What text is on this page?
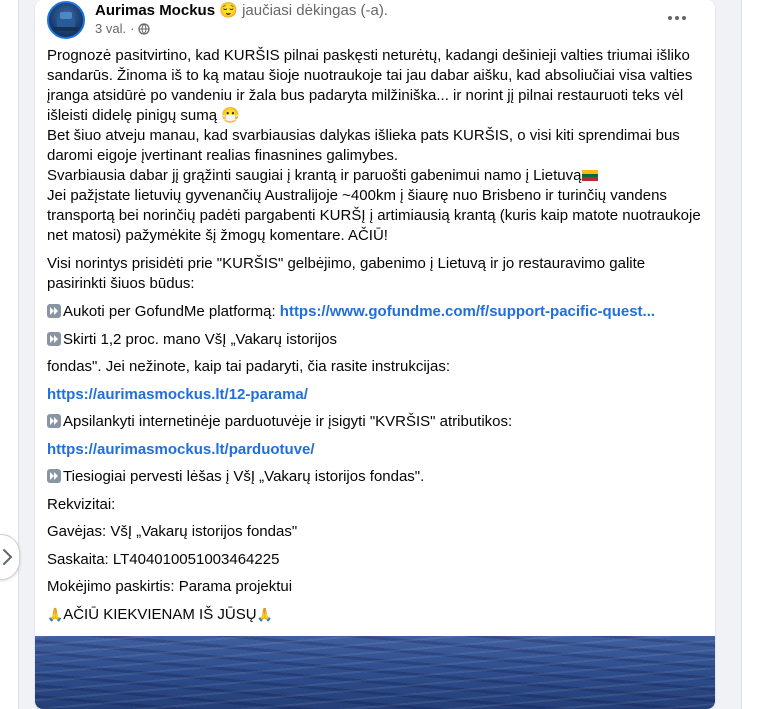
Aurimas Mockus 😌 jaučiasi dėkingas (-a).
3 val. ·

Prognozė pasitvirtino, kad KURŠIS pilnai paskęsti neturėtų, kadangi dešinieji valties triumai išliko sandarūs. Žinoma iš to ką matau šioje nuotraukoje tai jau dabar aišku, kad absoliučiai visa valties įranga atsidūrė po vandeniu ir žala bus padaryta milžiniška... ir norint jį pilnai restauruoti teks vėl išleisti didelę pinigų sumą 😷

Bet šiuo atveju manau, kad svarbiausias dalykas išlieka pats KURŠIS, o visi kiti sprendimai bus daromi eigoje įvertinant realias finasnines galimybes.

Svarbiausia dabar jį grąžinti saugiai į krantą ir paruošti gabenimui namo į Lietuvą

Jei pažįstate lietuvių gyvenančių Australijoje ~400km į šiaurę nuo Brisbeno ir turinčių vandens transportą bei norinčių padėti pargabenti KURŠĮ į artimiausią krantą (kuris kaip matote nuotraukoje net matosi) pažymėkite šį žmogų komentare. AČIŪ!

Visi norintys prisidėti prie "KURŠIS" gelbėjimo, gabenimo į Lietuvą ir jo restauravimo galite pasirinkti šiuos būdus:

Aukoti per GofundMe platformą: https://www.gofundme.com/f/support-pacific-quest...

Skirti 1,2 proc. mano VšĮ „Vakarų istorijos

fondas". Jei nežinote, kaip tai padaryti, čia rasite instrukcijas:

https://aurimasmockus.lt/12-parama/

Apsilankyti internetinėje parduotuvėje ir įsigyti "KVRŠIS" atributikos:

https://aurimasmockus.lt/parduotuve/

Tiesiogiai pervesti lėšas į VšĮ „Vakarų istorijos fondas".

Rekvizitai:

Gavėjas: VšĮ „Vakarų istorijos fondas"

Saskaita: LT404010051003464225

Mokėjimo paskirtis: Parama projektui

🙏AČIŪ KIEKVIENAM IŠ JŪSŲ🙏
